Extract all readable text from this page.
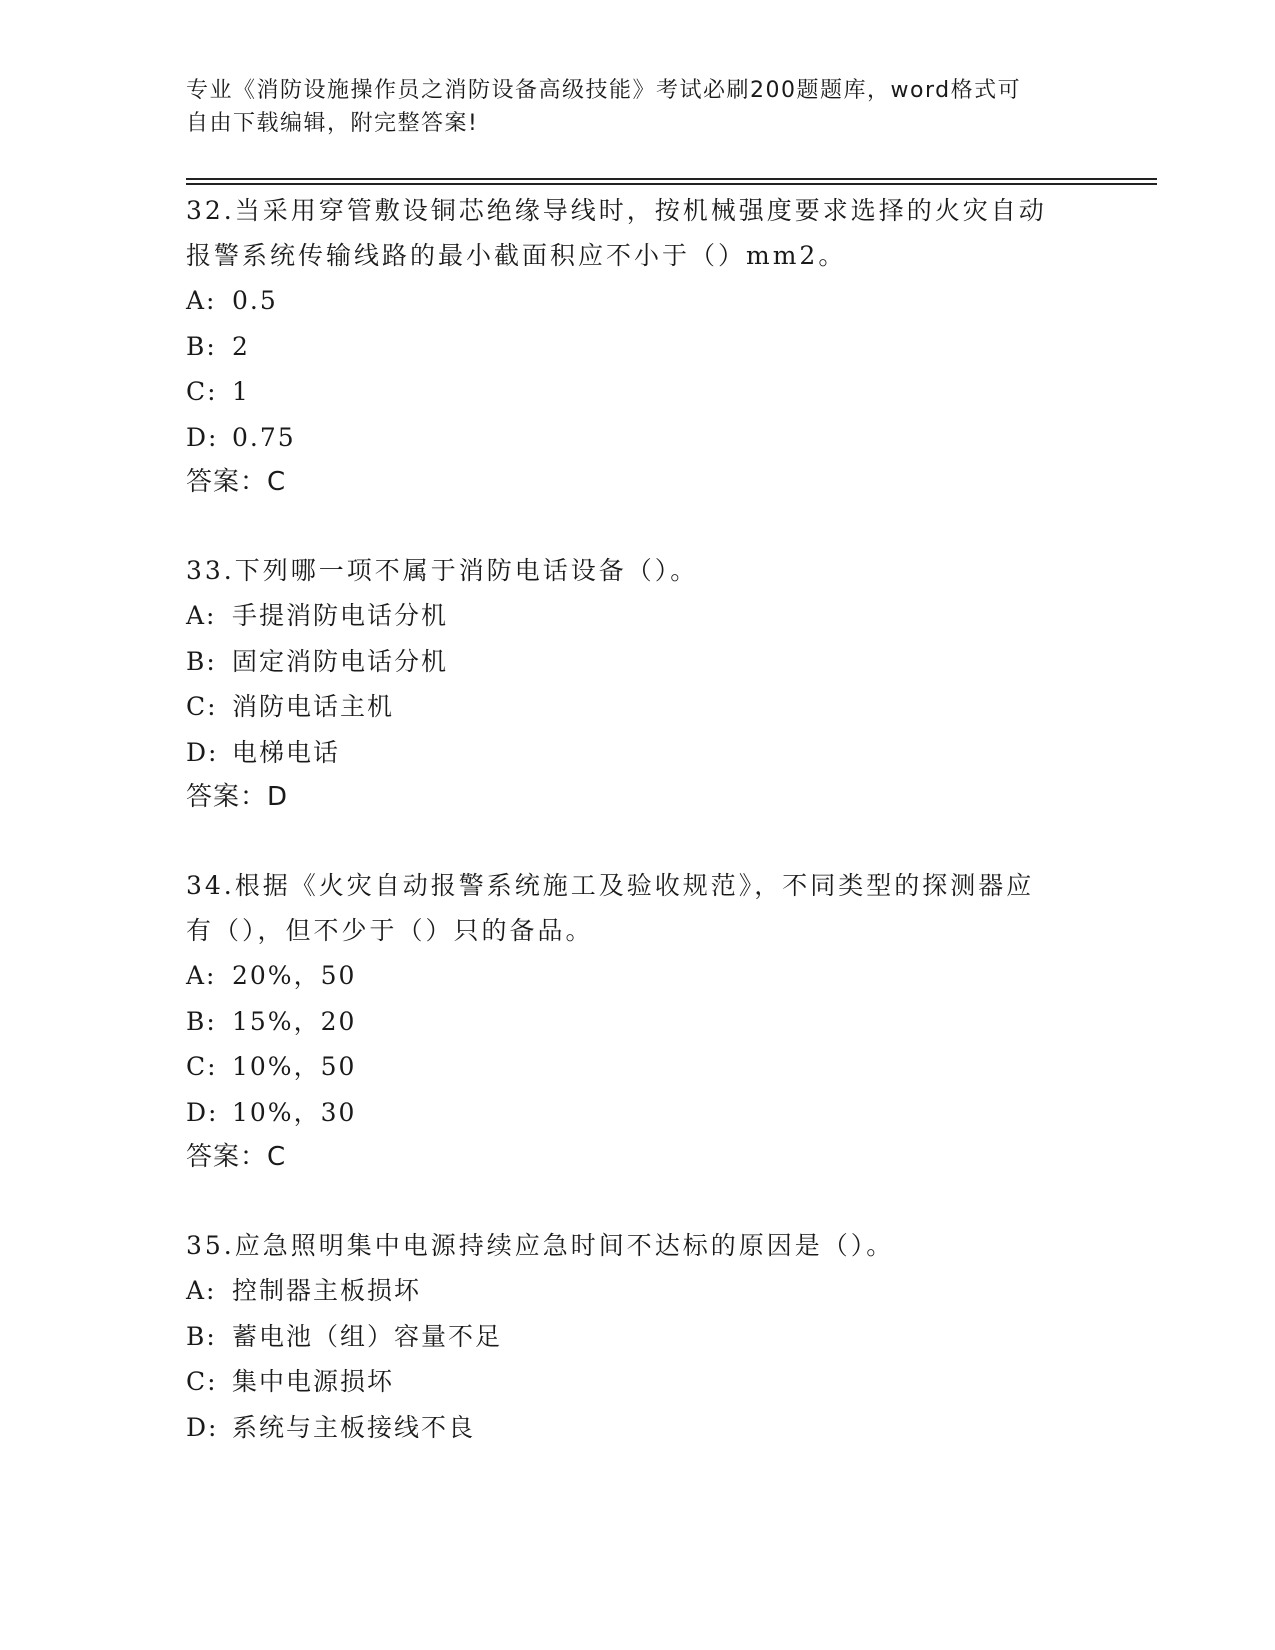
专业《消防设施操作员之消防设备高级技能》考试必刷200题题库，word格式可
自由下载编辑，附完整答案!

32.当采用穿管敷设铜芯绝缘导线时，按机械强度要求选择的火灾自动

报警系统传输线路的最小截面积应不小于（）mm2。

A: 0.5

B: 2

C: 1

D: 0.75

答案：C

33.下列哪一项不属于消防电话设备（）。

A: 手提消防电话分机

B: 固定消防电话分机

C: 消防电话主机

D: 电梯电话

答案：D

34.根据《火灾自动报警系统施工及验收规范》，不同类型的探测器应

有（），但不少于（）只的备品。

A: 20%，50

B: 15%，20

C: 10%，50

D: 10%，30

答案：C

35.应急照明集中电源持续应急时间不达标的原因是（）。

A: 控制器主板损坏

B: 蓄电池（组）容量不足

C: 集中电源损坏

D: 系统与主板接线不良
